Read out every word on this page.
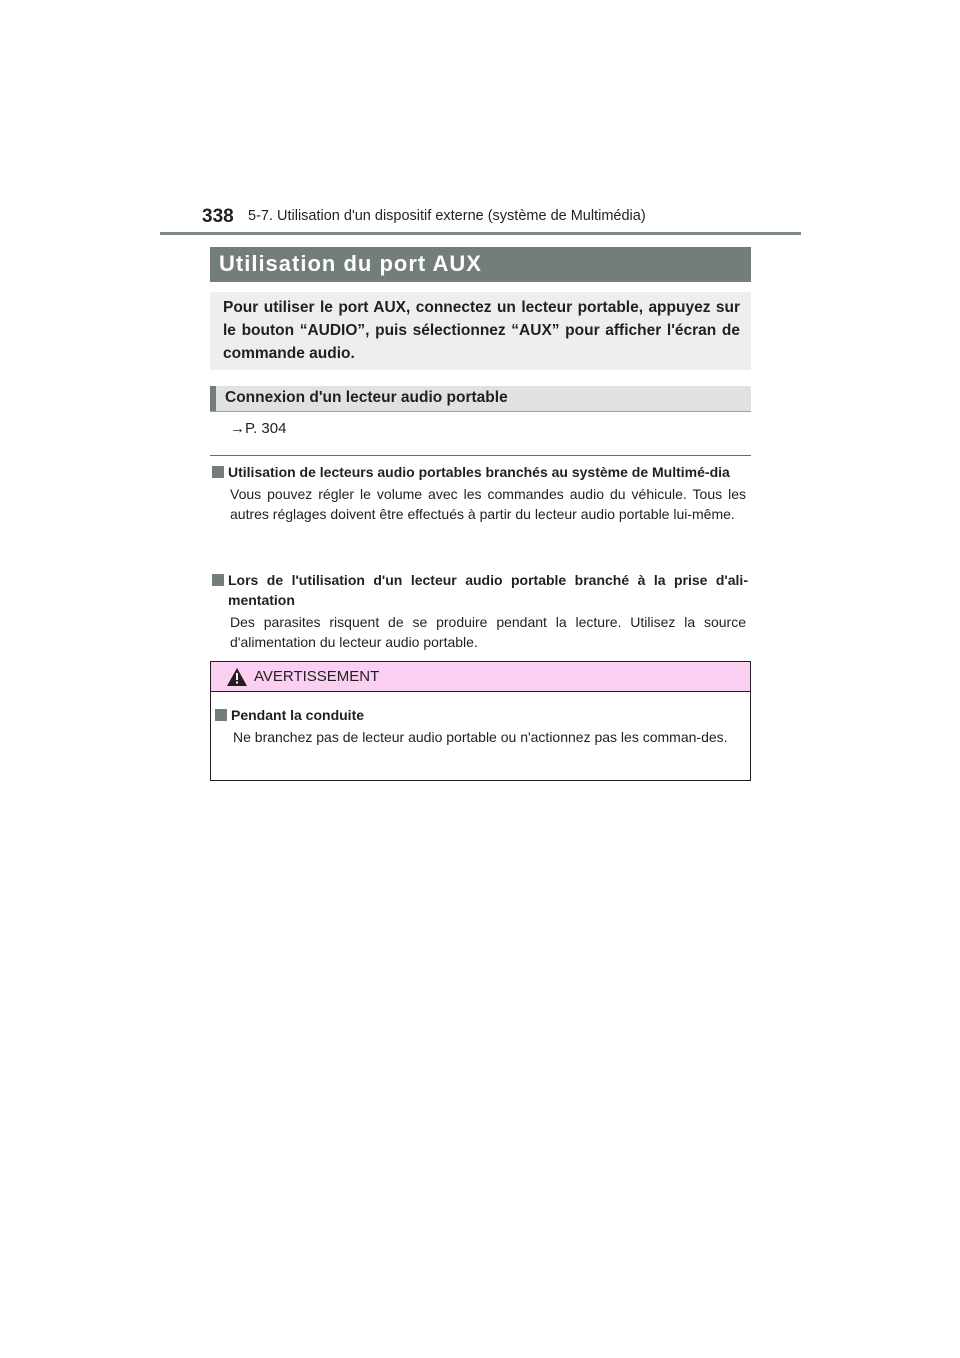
338 5-7. Utilisation d'un dispositif externe (système de Multimédia)
Utilisation du port AUX
Pour utiliser le port AUX, connectez un lecteur portable, appuyez sur le bouton “AUDIO”, puis sélectionnez “AUX” pour afficher l'écran de commande audio.
Connexion d'un lecteur audio portable
→P. 304
Utilisation de lecteurs audio portables branchés au système de Multimé-dia
Vous pouvez régler le volume avec les commandes audio du véhicule. Tous les autres réglages doivent être effectués à partir du lecteur audio portable lui-même.
Lors de l'utilisation d'un lecteur audio portable branché à la prise d'ali-mentation
Des parasites risquent de se produire pendant la lecture. Utilisez la source d'alimentation du lecteur audio portable.
AVERTISSEMENT
Pendant la conduite
Ne branchez pas de lecteur audio portable ou n'actionnez pas les comman-des.
